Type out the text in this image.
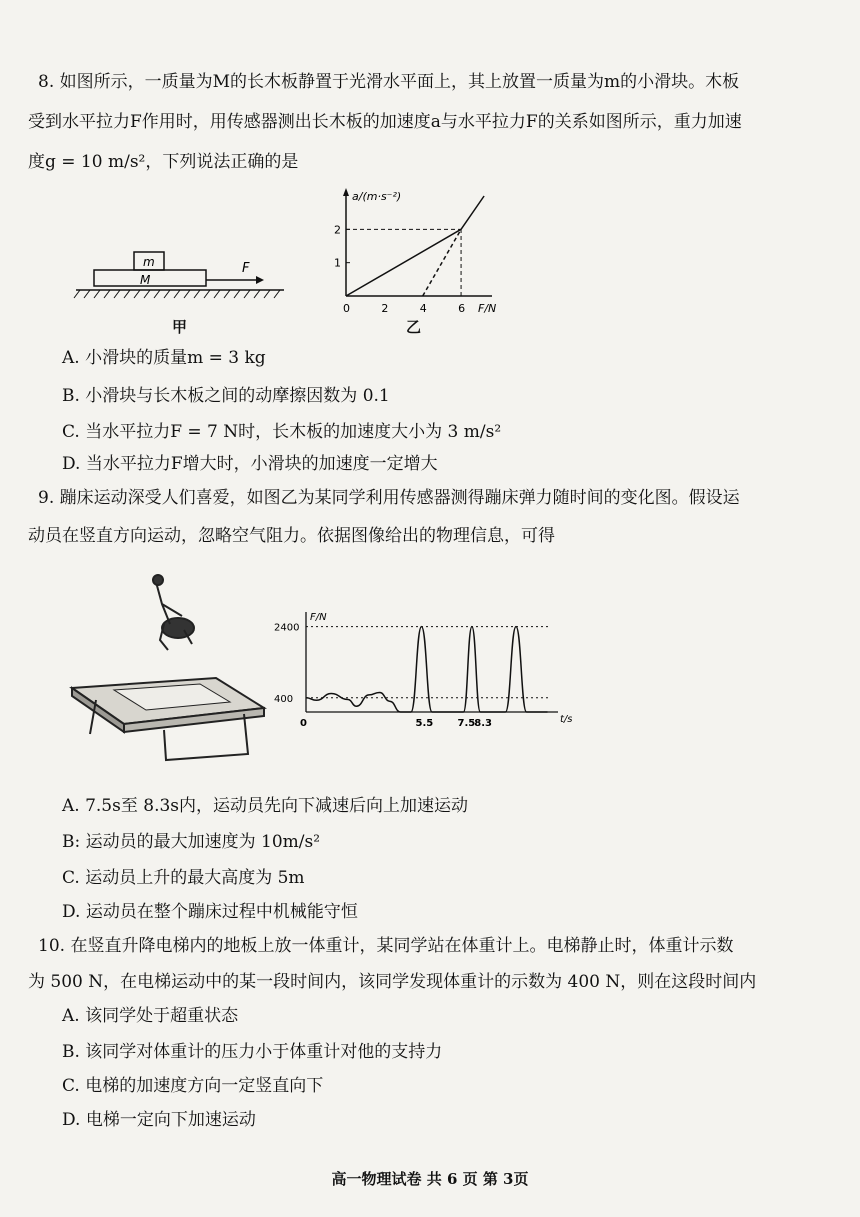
8. 如图所示，一质量为M的长木板静置于光滑水平面上，其上放置一质量为m的小滑块。木板
受到水平拉力F作用时，用传感器测出长木板的加速度a与水平拉力F的关系如图所示，重力加速
度g = 10 m/s²，下列说法正确的是
m
M
F
甲
a/(m·s⁻²)
F/N
0	2	4	6
1
2
乙
A. 小滑块的质量m = 3 kg
B. 小滑块与长木板之间的动摩擦因数为 0.1
C. 当水平拉力F = 7 N时，长木板的加速度大小为 3 m/s²
D. 当水平拉力F增大时，小滑块的加速度一定增大
9. 蹦床运动深受人们喜爱，如图乙为某同学利用传感器测得蹦床弹力随时间的变化图。假设运
动员在竖直方向运动，忽略空气阻力。依据图像给出的物理信息，可得
F/N
t/s
400
2400
0	5.5 7.5 8.3
A. 7.5s至 8.3s内，运动员先向下减速后向上加速运动
B: 运动员的最大加速度为 10m/s²
C. 运动员上升的最大高度为 5m
D. 运动员在整个蹦床过程中机械能守恒
10. 在竖直升降电梯内的地板上放一体重计，某同学站在体重计上。电梯静止时，体重计示数
为 500 N，在电梯运动中的某一段时间内，该同学发现体重计的示数为 400 N，则在这段时间内
A. 该同学处于超重状态
B. 该同学对体重计的压力小于体重计对他的支持力
C. 电梯的加速度方向一定竖直向下
D. 电梯一定向下加速运动
高一物理试卷 共 6 页 第 3页
